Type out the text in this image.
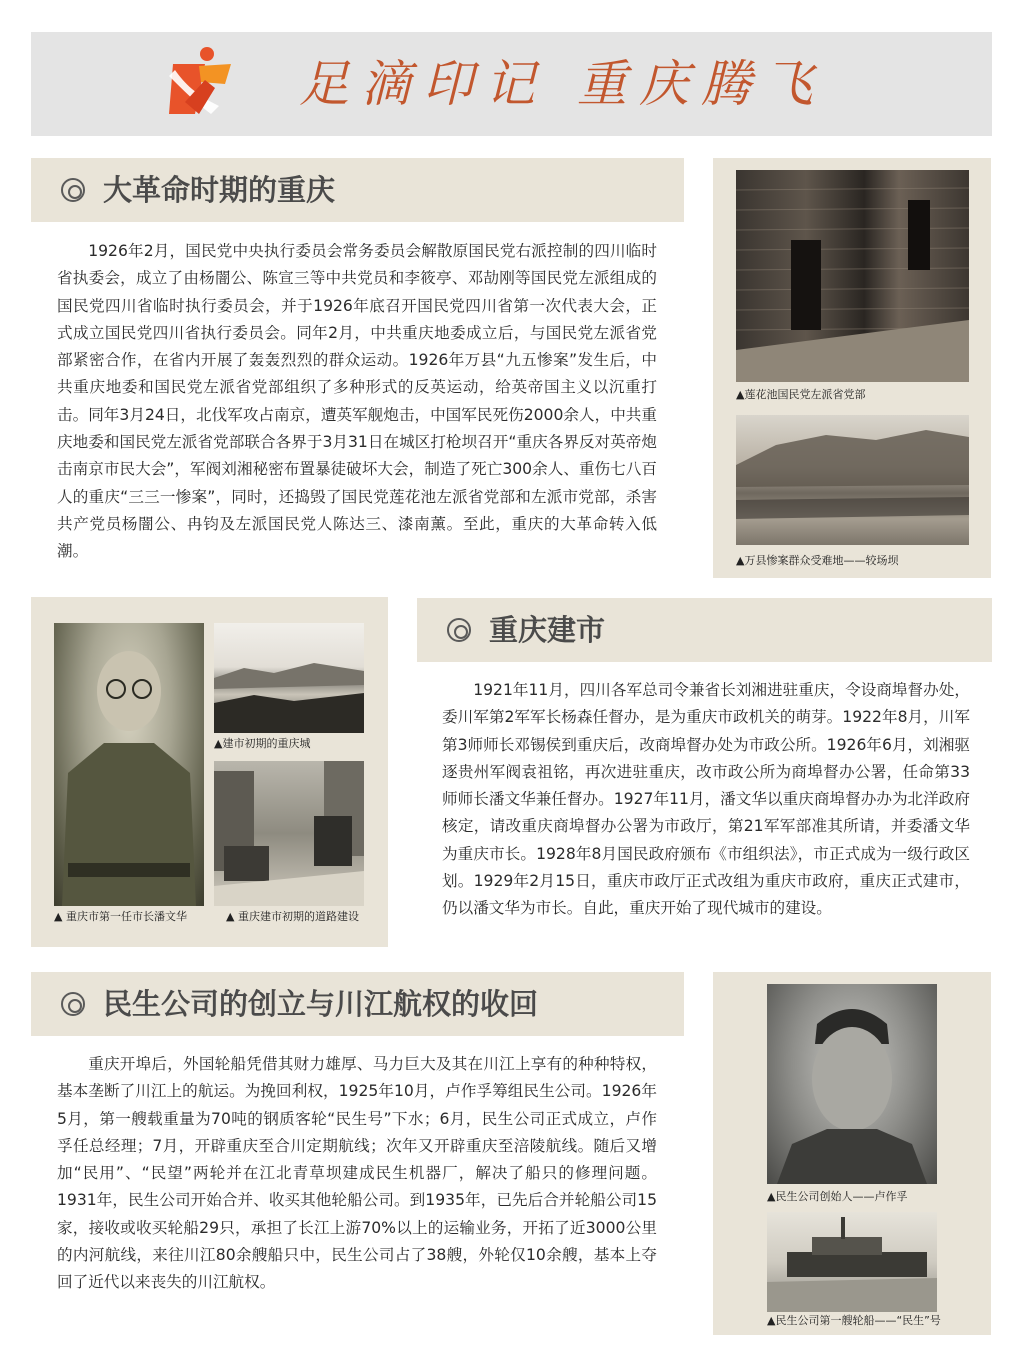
足滴印记 重庆腾飞
大革命时期的重庆
1926年2月，国民党中央执行委员会常务委员会解散原国民党右派控制的四川临时省执委会，成立了由杨闇公、陈宣三等中共党员和李筱亭、邓劼刚等国民党左派组成的国民党四川省临时执行委员会，并于1926年底召开国民党四川省第一次代表大会，正式成立国民党四川省执行委员会。同年2月，中共重庆地委成立后，与国民党左派省党部紧密合作，在省内开展了轰轰烈烈的群众运动。1926年万县“九五惨案”发生后，中共重庆地委和国民党左派省党部组织了多种形式的反英运动，给英帝国主义以沉重打击。同年3月24日，北伐军攻占南京，遭英军舰炮击，中国军民死伤2000余人，中共重庆地委和国民党左派省党部联合各界于3月31日在城区打枪坝召开“重庆各界反对英帝炮击南京市民大会”，军阀刘湘秘密布置暴徒破坏大会，制造了死亡300余人、重伤七八百人的重庆“三三一惨案”，同时，还捣毁了国民党莲花池左派省党部和左派市党部，杀害共产党员杨闇公、冉钧及左派国民党人陈达三、漆南薰。至此，重庆的大革命转入低潮。
▲莲花池国民党左派省党部
▲万县惨案群众受难地——较场坝
▲ 重庆市第一任市长潘文华
▲建市初期的重庆城
▲ 重庆建市初期的道路建设
重庆建市
1921年11月，四川各军总司令兼省长刘湘进驻重庆，令设商埠督办处，委川军第2军军长杨森任督办，是为重庆市政机关的萌芽。1922年8月，川军第3师师长邓锡侯到重庆后，改商埠督办处为市政公所。1926年6月，刘湘驱逐贵州军阀袁祖铭，再次进驻重庆，改市政公所为商埠督办公署，任命第33师师长潘文华兼任督办。1927年11月，潘文华以重庆商埠督办办为北洋政府核定，请改重庆商埠督办公署为市政厅，第21军军部准其所请，并委潘文华为重庆市长。1928年8月国民政府颁布《市组织法》，市正式成为一级行政区划。1929年2月15日，重庆市政厅正式改组为重庆市政府，重庆正式建市，仍以潘文华为市长。自此，重庆开始了现代城市的建设。
民生公司的创立与川江航权的收回
重庆开埠后，外国轮船凭借其财力雄厚、马力巨大及其在川江上享有的种种特权，基本垄断了川江上的航运。为挽回利权，1925年10月，卢作孚筹组民生公司。1926年5月，第一艘载重量为70吨的钢质客轮“民生号”下水；6月，民生公司正式成立，卢作孚任总经理；7月，开辟重庆至合川定期航线；次年又开辟重庆至涪陵航线。随后又增加“民用”、“民望”两轮并在江北青草坝建成民生机器厂，解决了船只的修理问题。1931年，民生公司开始合并、收买其他轮船公司。到1935年，已先后合并轮船公司15家，接收或收买轮船29只，承担了长江上游70%以上的运输业务，开拓了近3000公里的内河航线，来往川江80余艘船只中，民生公司占了38艘，外轮仅10余艘，基本上夺回了近代以来丧失的川江航权。
▲民生公司创始人——卢作孚
▲民生公司第一艘轮船——“民生”号
